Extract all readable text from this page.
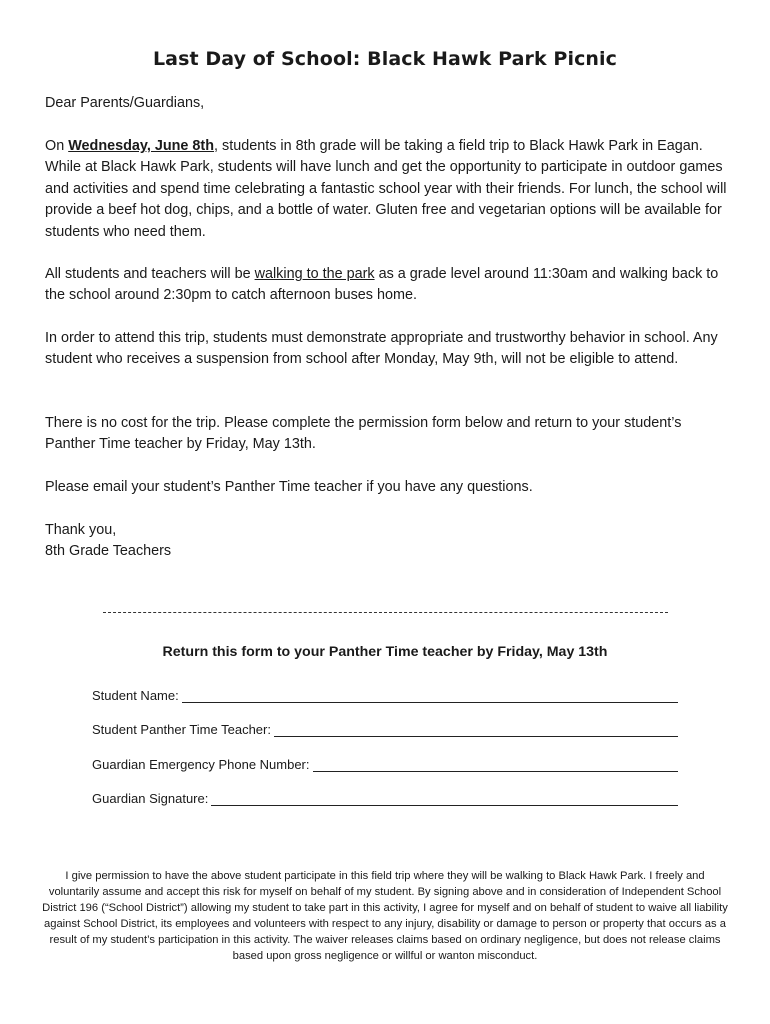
Last Day of School: Black Hawk Park Picnic

Dear Parents/Guardians,

On Wednesday, June 8th, students in 8th grade will be taking a field trip to Black Hawk Park in Eagan. While at Black Hawk Park, students will have lunch and get the opportunity to participate in outdoor games and activities and spend time celebrating a fantastic school year with their friends. For lunch, the school will provide a beef hot dog, chips, and a bottle of water. Gluten free and vegetarian options will be available for students who need them.

All students and teachers will be walking to the park as a grade level around 11:30am and walking back to the school around 2:30pm to catch afternoon buses home.

In order to attend this trip, students must demonstrate appropriate and trustworthy behavior in school. Any student who receives a suspension from school after Monday, May 9th, will not be eligible to attend.

There is no cost for the trip. Please complete the permission form below and return to your student’s Panther Time teacher by Friday, May 13th.

Please email your student’s Panther Time teacher if you have any questions.

Thank you,

8th Grade Teachers

Return this form to your Panther Time teacher by Friday, May 13th
Student Name:
Student Panther Time Teacher:
Guardian Emergency Phone Number:
Guardian Signature:
I give permission to have the above student participate in this field trip where they will be walking to Black Hawk Park. I freely and voluntarily assume and accept this risk for myself on behalf of my student. By signing above and in consideration of Independent School District 196 (“School District”) allowing my student to take part in this activity, I agree for myself and on behalf of student to waive all liability against School District, its employees and volunteers with respect to any injury, disability or damage to person or property that occurs as a result of my student’s participation in this activity. The waiver releases claims based on ordinary negligence, but does not release claims based upon gross negligence or willful or wanton misconduct.
